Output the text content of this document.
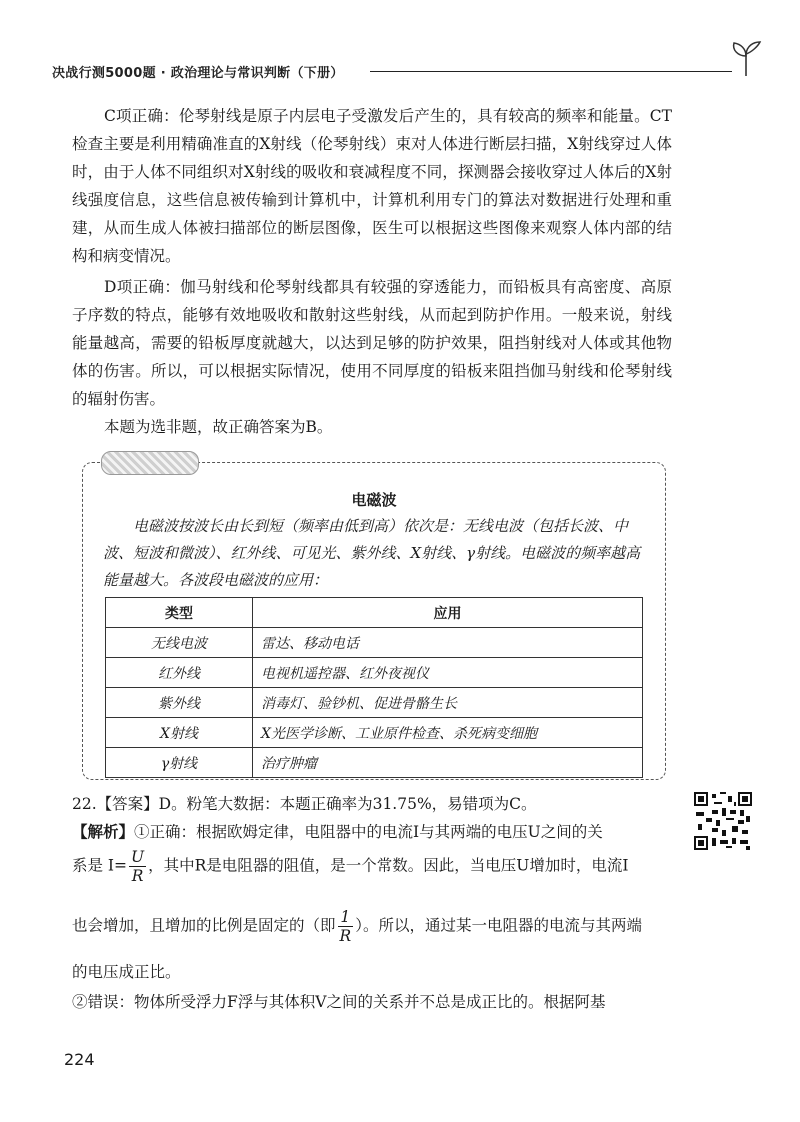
决战行测5000题 · 政治理论与常识判断（下册）

C项正确：伦琴射线是原子内层电子受激发后产生的，具有较高的频率和能量。CT检查主要是利用精确准直的X射线（伦琴射线）束对人体进行断层扫描，X射线穿过人体时，由于人体不同组织对X射线的吸收和衰减程度不同，探测器会接收穿过人体后的X射线强度信息，这些信息被传输到计算机中，计算机利用专门的算法对数据进行处理和重建，从而生成人体被扫描部位的断层图像，医生可以根据这些图像来观察人体内部的结构和病变情况。

D项正确：伽马射线和伦琴射线都具有较强的穿透能力，而铅板具有高密度、高原子序数的特点，能够有效地吸收和散射这些射线，从而起到防护作用。一般来说，射线能量越高，需要的铅板厚度就越大，以达到足够的防护效果，阻挡射线对人体或其他物体的伤害。所以，可以根据实际情况，使用不同厚度的铅板来阻挡伽马射线和伦琴射线的辐射伤害。

本题为选非题，故正确答案为B。

电磁波

电磁波按波长由长到短（频率由低到高）依次是：无线电波（包括长波、中波、短波和微波）、红外线、可见光、紫外线、X射线、γ射线。电磁波的频率越高能量越大。各波段电磁波的应用：

类型	应用
无线电波	雷达、移动电话
红外线	电视机遥控器、红外夜视仪
紫外线	消毒灯、验钞机、促进骨骼生长
X射线	X光医学诊断、工业原件检查、杀死病变细胞
γ射线	治疗肿瘤
22.【答案】D。粉笔大数据：本题正确率为31.75%，易错项为C。
【解析】①正确：根据欧姆定律，电阻器中的电流I与其两端的电压U之间的关
系是 $I= \frac{U}{R}$ ，其中R是电阻器的阻值，是一个常数。因此，当电压U增加时，电流I
也会增加，且增加的比例是固定的（即 $\frac{1}{R}$ ）。所以，通过某一电阻器的电流与其两端
的电压成正比。
②错误：物体所受浮力F浮与其体积V之间的关系并不总是成正比的。根据阿基
224
